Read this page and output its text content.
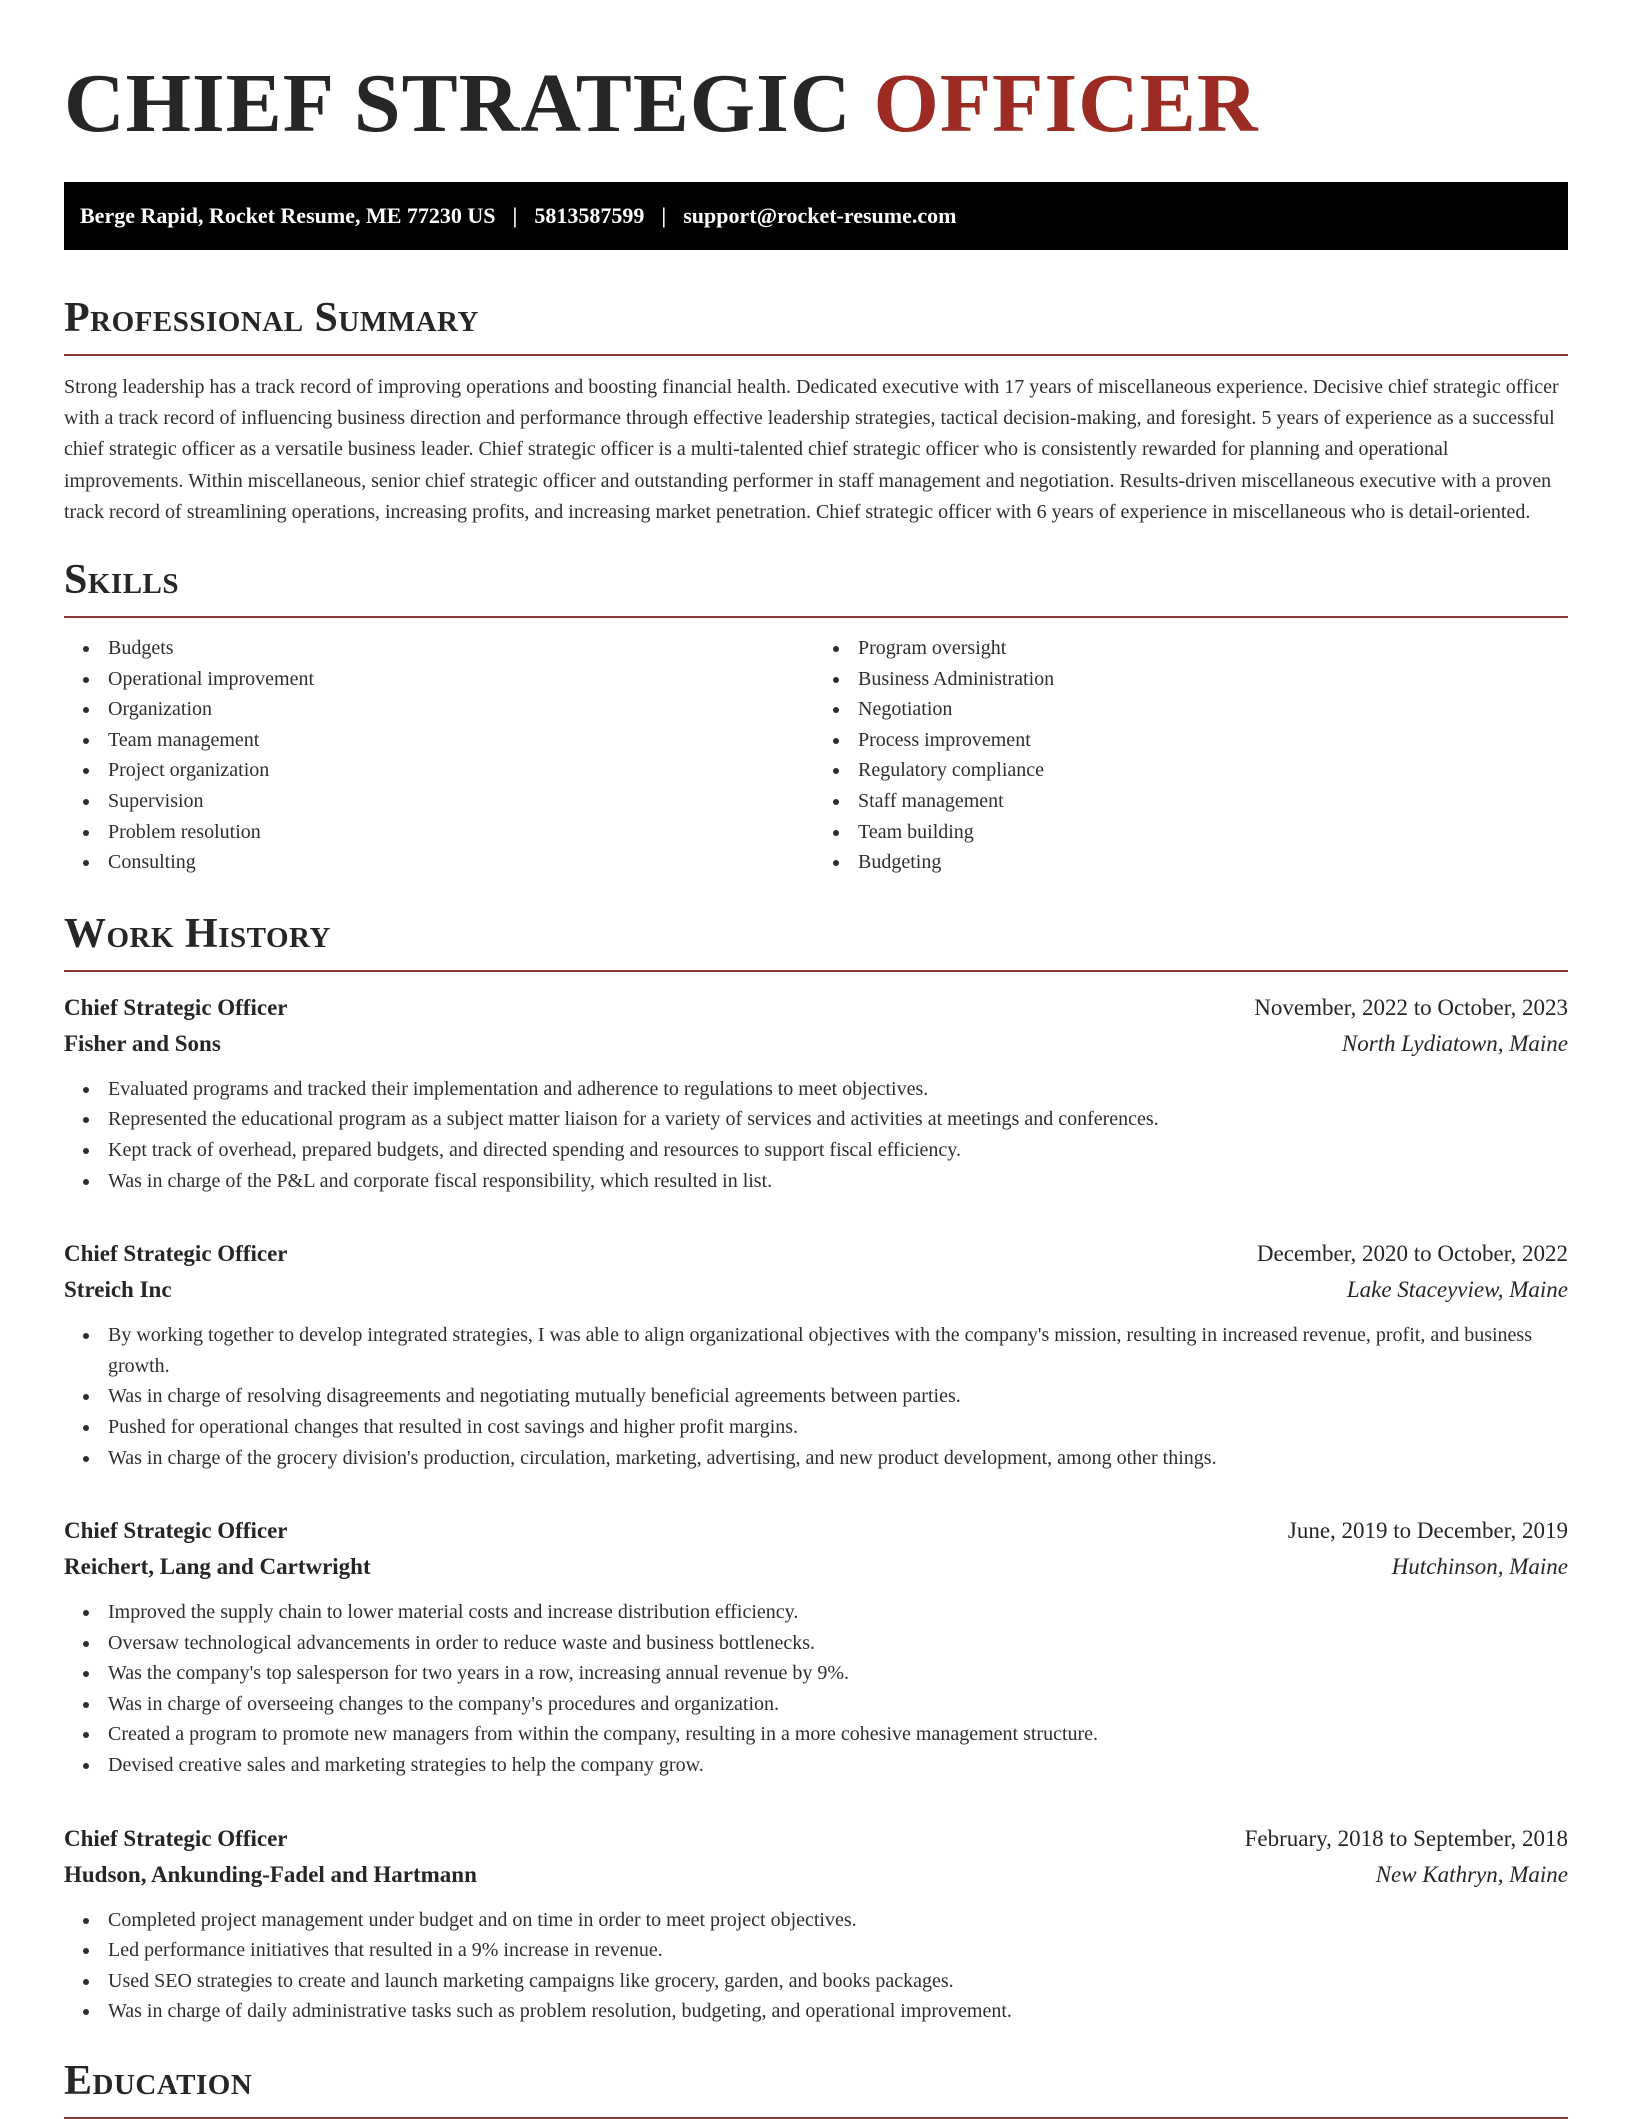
CHIEF STRATEGIC OFFICER
Berge Rapid, Rocket Resume, ME 77230 US | 5813587599 | support@rocket-resume.com
Professional Summary

Strong leadership has a track record of improving operations and boosting financial health. Dedicated executive with 17 years of miscellaneous experience. Decisive chief strategic officer with a track record of influencing business direction and performance through effective leadership strategies, tactical decision-making, and foresight. 5 years of experience as a successful chief strategic officer as a versatile business leader. Chief strategic officer is a multi-talented chief strategic officer who is consistently rewarded for planning and operational improvements. Within miscellaneous, senior chief strategic officer and outstanding performer in staff management and negotiation. Results-driven miscellaneous executive with a proven track record of streamlining operations, increasing profits, and increasing market penetration. Chief strategic officer with 6 years of experience in miscellaneous who is detail-oriented.

Skills
Budgets
Operational improvement
Organization
Team management
Project organization
Supervision
Problem resolution
Consulting
Program oversight
Business Administration
Negotiation
Process improvement
Regulatory compliance
Staff management
Team building
Budgeting
Work History
Chief Strategic Officer	November, 2022 to October, 2023
Fisher and Sons	North Lydiatown, Maine
Evaluated programs and tracked their implementation and adherence to regulations to meet objectives.
Represented the educational program as a subject matter liaison for a variety of services and activities at meetings and conferences.
Kept track of overhead, prepared budgets, and directed spending and resources to support fiscal efficiency.
Was in charge of the P&L and corporate fiscal responsibility, which resulted in list.
Chief Strategic Officer	December, 2020 to October, 2022
Streich Inc	Lake Staceyview, Maine
By working together to develop integrated strategies, I was able to align organizational objectives with the company's mission, resulting in increased revenue, profit, and business growth.
Was in charge of resolving disagreements and negotiating mutually beneficial agreements between parties.
Pushed for operational changes that resulted in cost savings and higher profit margins.
Was in charge of the grocery division's production, circulation, marketing, advertising, and new product development, among other things.
Chief Strategic Officer	June, 2019 to December, 2019
Reichert, Lang and Cartwright	Hutchinson, Maine
Improved the supply chain to lower material costs and increase distribution efficiency.
Oversaw technological advancements in order to reduce waste and business bottlenecks.
Was the company's top salesperson for two years in a row, increasing annual revenue by 9%.
Was in charge of overseeing changes to the company's procedures and organization.
Created a program to promote new managers from within the company, resulting in a more cohesive management structure.
Devised creative sales and marketing strategies to help the company grow.
Chief Strategic Officer	February, 2018 to September, 2018
Hudson, Ankunding-Fadel and Hartmann	New Kathryn, Maine
Completed project management under budget and on time in order to meet project objectives.
Led performance initiatives that resulted in a 9% increase in revenue.
Used SEO strategies to create and launch marketing campaigns like grocery, garden, and books packages.
Was in charge of daily administrative tasks such as problem resolution, budgeting, and operational improvement.
Education
